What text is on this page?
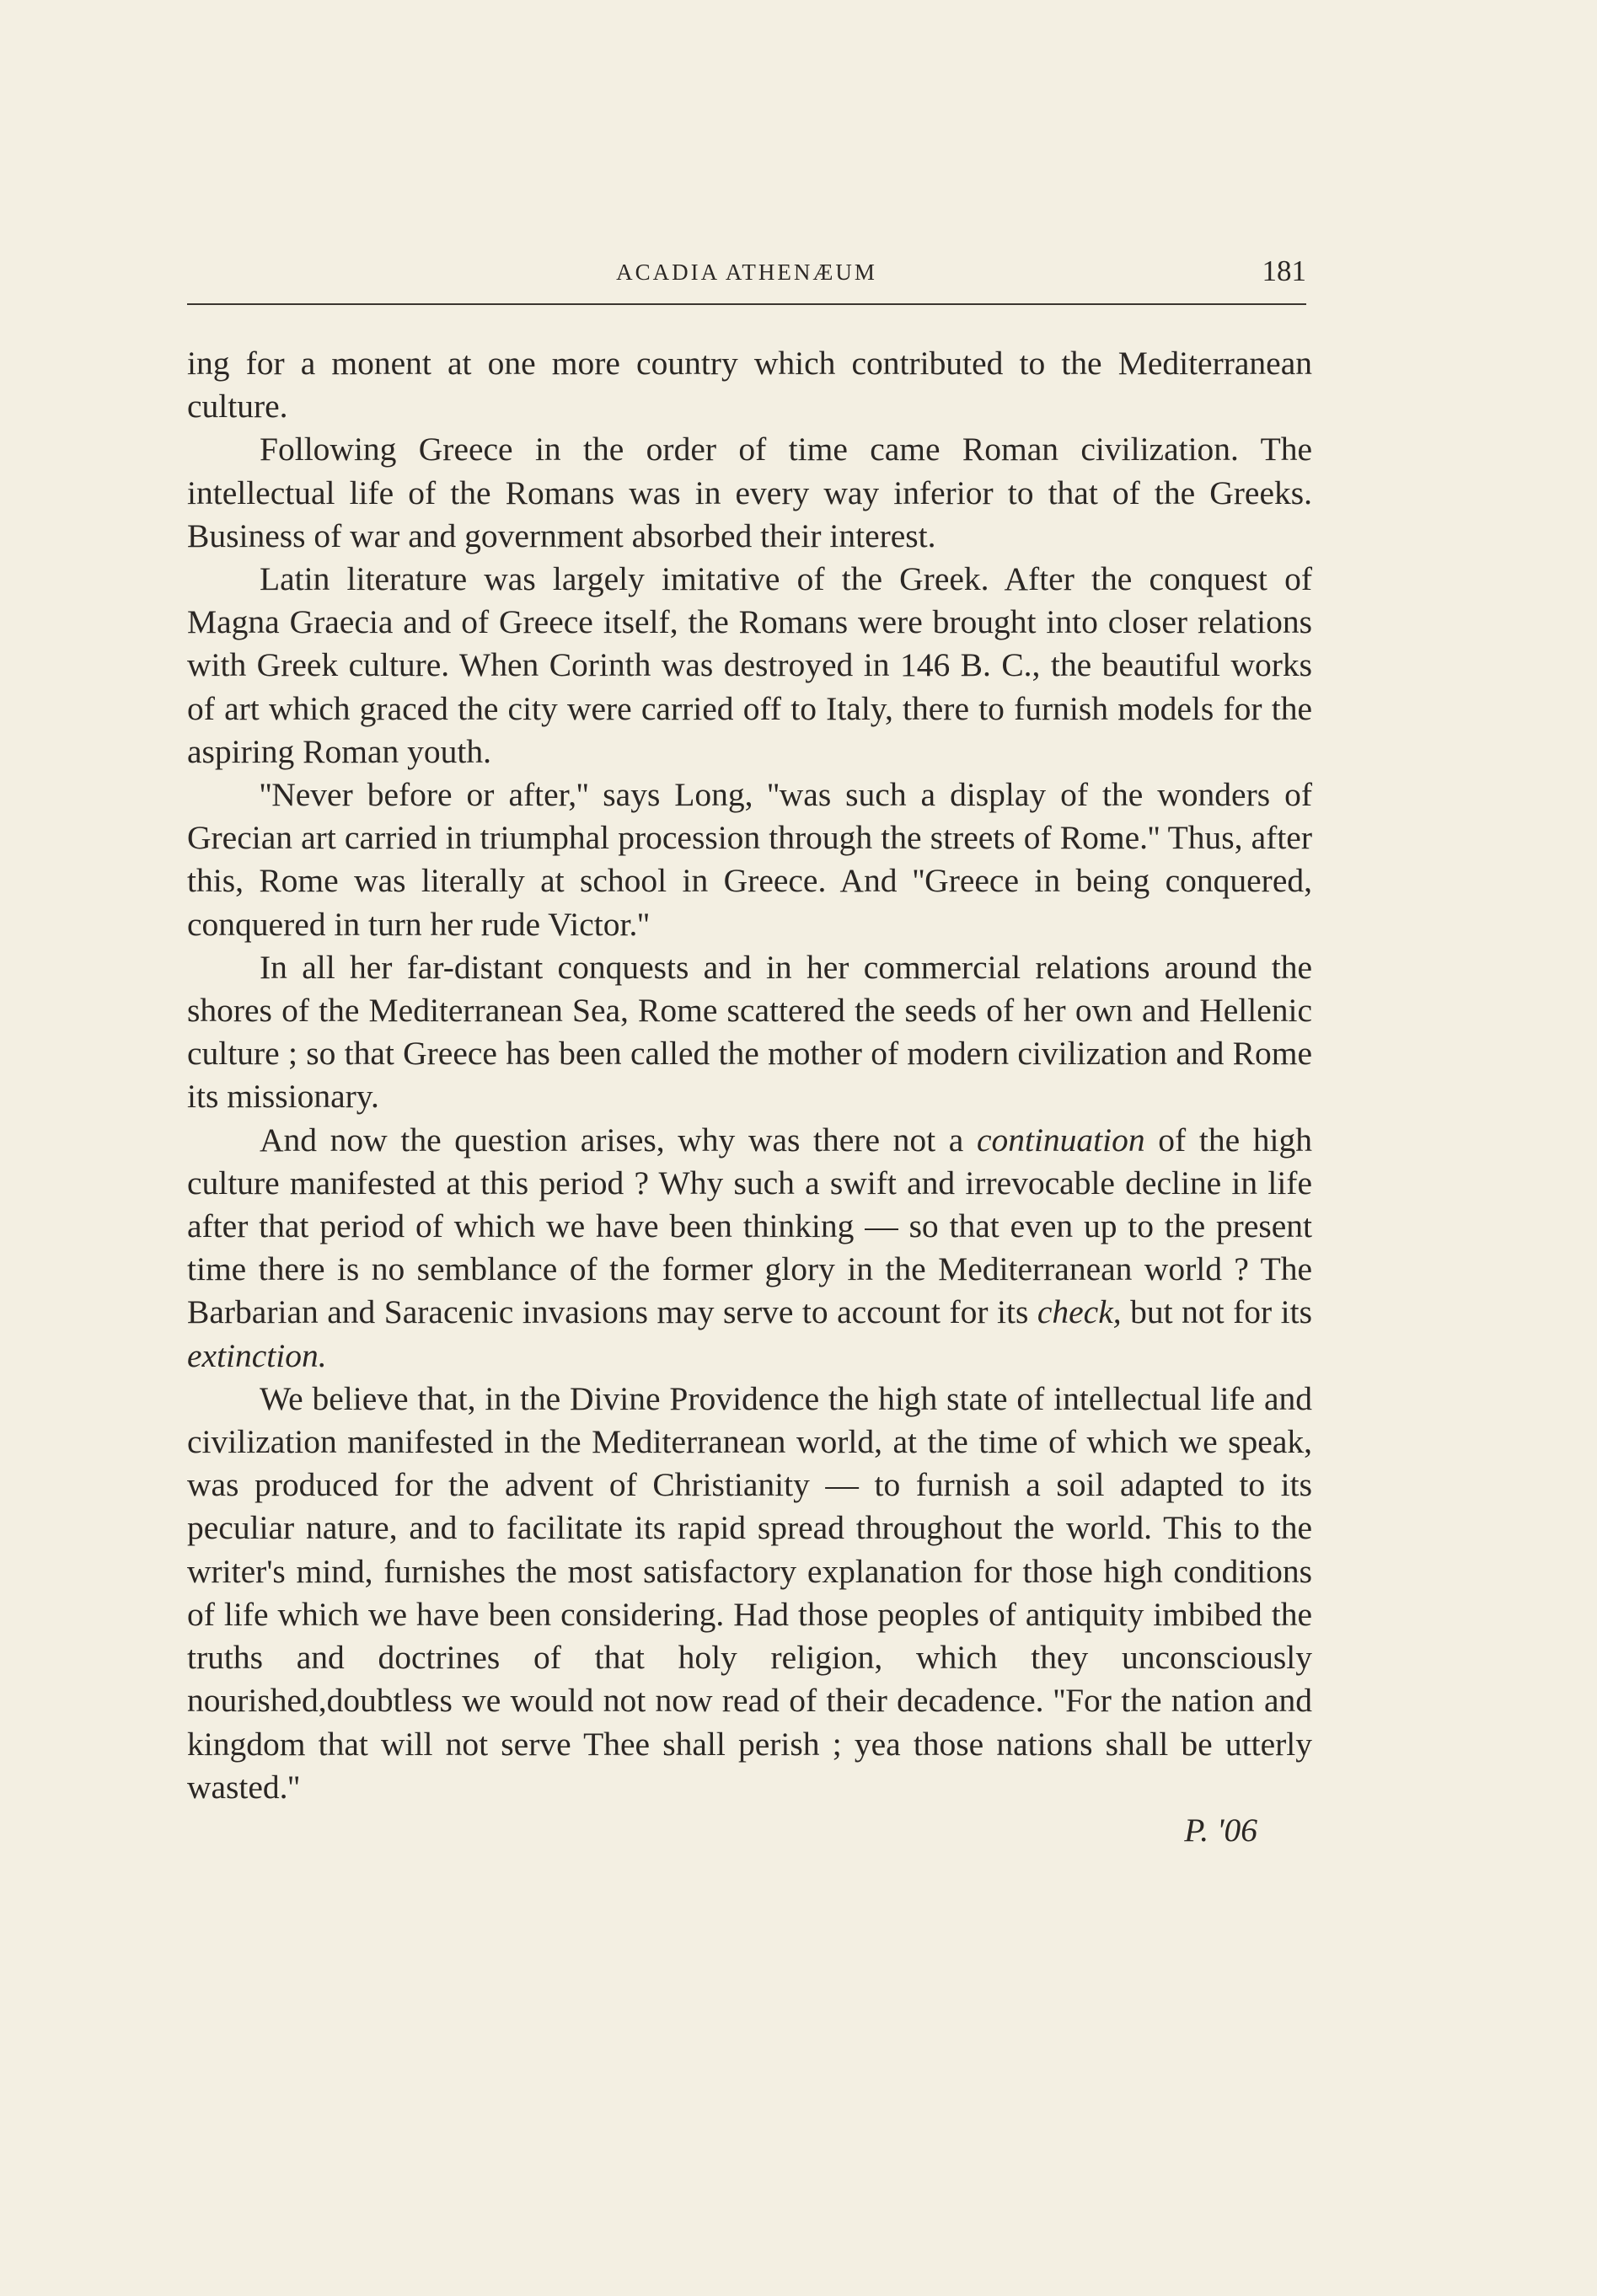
ACADIA ATHENÆUM	181

ing for a monent at one more country which contributed to the Mediterranean culture.

Following Greece in the order of time came Roman civilization. The intellectual life of the Romans was in every way inferior to that of the Greeks. Business of war and government absorbed their interest.

Latin literature was largely imitative of the Greek. After the conquest of Magna Graecia and of Greece itself, the Romans were brought into closer relations with Greek culture. When Corinth was destroyed in 146 B. C., the beautiful works of art which graced the city were carried off to Italy, there to furnish models for the aspiring Roman youth.

''Never before or after,'' says Long, ''was such a display of the wonders of Grecian art carried in triumphal procession through the streets of Rome.'' Thus, after this, Rome was literally at school in Greece. And ''Greece in being conquered, conquered in turn her rude Victor.''

In all her far-distant conquests and in her commercial relations around the shores of the Mediterranean Sea, Rome scattered the seeds of her own and Hellenic culture ; so that Greece has been called the mother of modern civilization and Rome its missionary.

And now the question arises, why was there not a continuation of the high culture manifested at this period ? Why such a swift and irrevocable decline in life after that period of which we have been thinking — so that even up to the present time there is no semblance of the former glory in the Mediterranean world ? The Barbarian and Saracenic invasions may serve to account for its check, but not for its extinction.

We believe that, in the Divine Providence the high state of intellectual life and civilization manifested in the Mediterranean world, at the time of which we speak, was produced for the advent of Christianity — to furnish a soil adapted to its peculiar nature, and to facilitate its rapid spread throughout the world. This to the writer's mind, furnishes the most satisfactory explanation for those high conditions of life which we have been considering. Had those peoples of antiquity imbibed the truths and doctrines of that holy religion, which they unconsciously nourished,doubtless we would not now read of their decadence. ''For the nation and kingdom that will not serve Thee shall perish ; yea those nations shall be utterly wasted.''

P. '06
